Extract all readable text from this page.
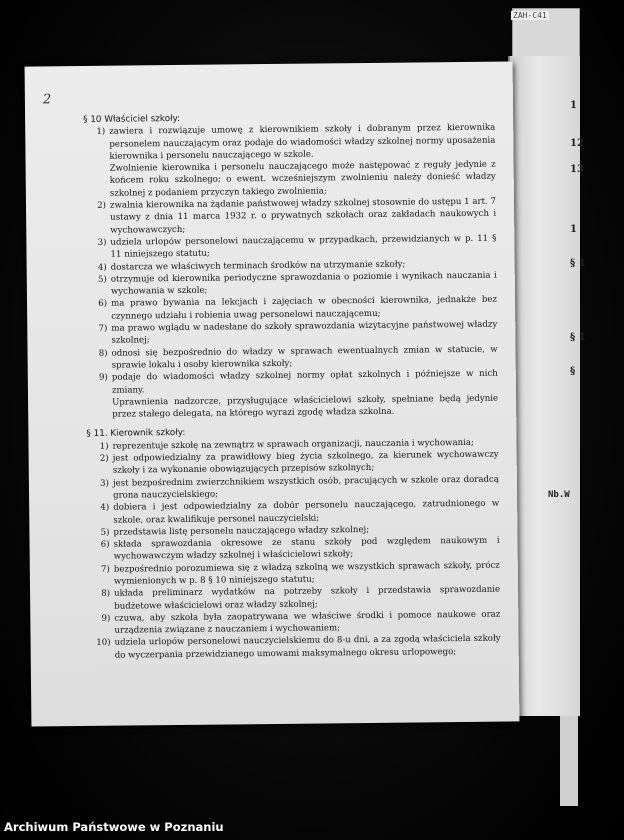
ZAH-C41
1
12
13
1
§ 1
§ 1
§
Nb.W
2
§ 10 Właściciel szkoły:
1) zawiera i rozwiązuje umowę z kierownikiem szkoły i dobranym przez kierownika personelem nauczającym oraz podaje do wiadomości władzy szkolnej normy uposażenia kierownika i personelu nauczającego w szkole.
Zwolnienie kierownika i personelu nauczającego może następować z reguły jedynie z końcem roku szkolnego; o ewent. wcześniejszym zwolnieniu należy donieść władzy szkolnej z podaniem przyczyn takiego zwolnienia;
2) zwalnia kierownika na żądanie państwowej władzy szkolnej stosownie do ustępu 1 art. 7 ustawy z dnia 11 marca 1932 r. o prywatnych szkołach oraz zakładach naukowych i wychowawczych;
3) udziela urlopów personelowi nauczającemu w przypadkach, przewidzianych w p. 11 § 11 niniejszego statutu;
4) dostarcza we właściwych terminach środków na utrzymanie szkoły;
5) otrzymuje od kierownika periodyczne sprawozdania o poziomie i wynikach nauczania i wychowania w szkole;
6) ma prawo bywania na lekcjach i zajęciach w obecności kierownika, jednakże bez czynnego udziału i robienia uwag personelowi nauczającemu;
7) ma prawo wglądu w nadesłane do szkoły sprawozdania wizytacyjne państwowej władzy szkolnej;
8) odnosi się bezpośrednio do władzy w sprawach ewentualnych zmian w statucie, w sprawie lokalu i osoby kierownika szkoły;
9) podaje do wiadomości władzy szkolnej normy opłat szkolnych i późniejsze w nich zmiany.
Uprawnienia nadzorcze, przysługujące właścicielowi szkoły, spełniane będą jedynie przez stałego delegata, na którego wyrazi zgodę władza szkolna.
§ 11. Kierownik szkoły:
1) reprezentuje szkołę na zewnątrz w sprawach organizacji, nauczania i wychowania;
2) jest odpowiedzialny za prawidłowy bieg życia szkolnego, za kierunek wychowawczy szkoły i za wykonanie obowiązujących przepisów szkolnych;
3) jest bezpośrednim zwierzchnikiem wszystkich osób, pracujących w szkole oraz doradcą grona nauczycielskiego;
4) dobiera i jest odpowiedzialny za dobór personelu nauczającego, zatrudnionego w szkole, oraz kwalifikuje personel nauczycielski;
5) przedstawia listę personelu nauczającego władzy szkolnej;
6) składa sprawozdania okresowe ze stanu szkoły pod względem naukowym i wychowawczym władzy szkolnej i właścicielowi szkoły;
7) bezpośrednio porozumiewa się z władzą szkolną we wszystkich sprawach szkoły, prócz wymienionych w p. 8 § 10 niniejszego statutu;
8) układa preliminarz wydatków na potrzeby szkoły i przedstawia sprawozdanie budżetowe właścicielowi oraz władzy szkolnej;
9) czuwa, aby szkoła była zaopatrywana we właściwe środki i pomoce naukowe oraz urządzenia związane z nauczaniem i wychowaniem;
10) udziela urlopów personelowi nauczycielskiemu do 8-u dni, a za zgodą właściciela szkoły do wyczerpania przewidzianego umowami maksymalnego okresu urlopowego;
Archiwum Państwowe w Poznaniu
